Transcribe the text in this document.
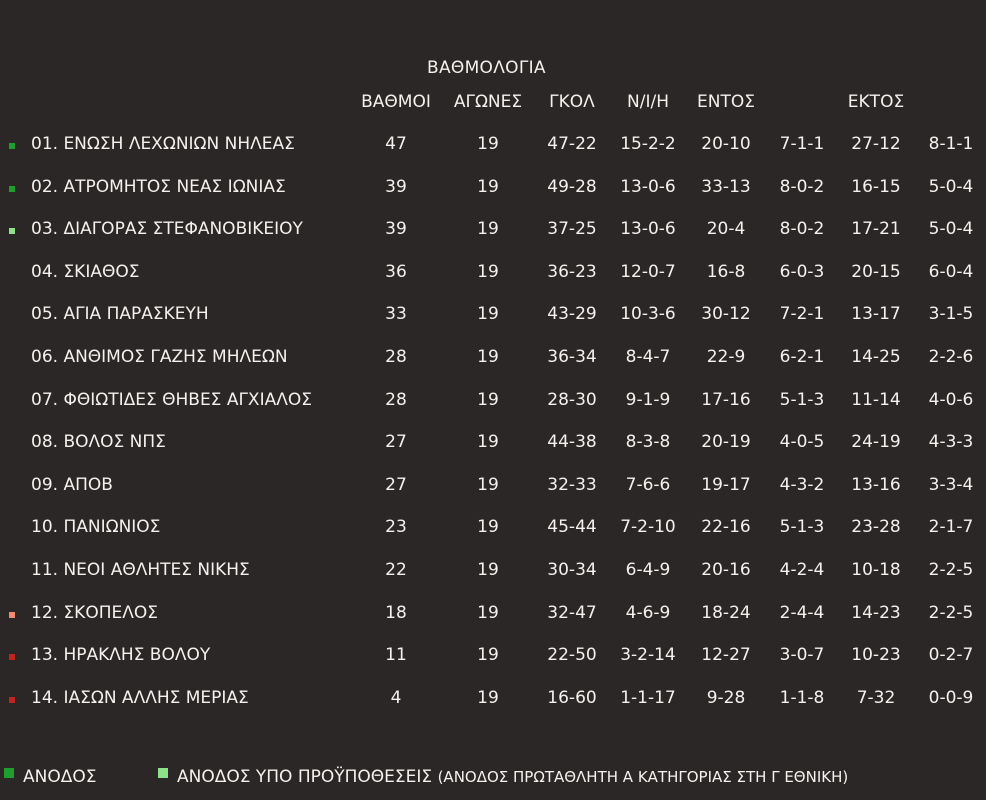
ΒΑΘΜΟΛΟΓΙΑ
ΒΑΘΜΟΙ	ΑΓΩΝΕΣ	ΓΚΟΛ	Ν/Ι/Η	ΕΝΤΟΣ	ΕΚΤΟΣ
01. ΕΝΩΣΗ ΛΕΧΩΝΙΩΝ ΝΗΛΕΑΣ	47	19	47-22	15-2-2	20-10	7-1-1	27-12	8-1-1
02. ΑΤΡΟΜΗΤΟΣ ΝΕΑΣ ΙΩΝΙΑΣ	39	19	49-28	13-0-6	33-13	8-0-2	16-15	5-0-4
03. ΔΙΑΓΟΡΑΣ ΣΤΕΦΑΝΟΒΙΚΕΙΟΥ	39	19	37-25	13-0-6	20-4	8-0-2	17-21	5-0-4
04. ΣΚΙΑΘΟΣ	36	19	36-23	12-0-7	16-8	6-0-3	20-15	6-0-4
05. ΑΓΙΑ ΠΑΡΑΣΚΕΥΗ	33	19	43-29	10-3-6	30-12	7-2-1	13-17	3-1-5
06. ΑΝΘΙΜΟΣ ΓΑΖΗΣ ΜΗΛΕΩΝ	28	19	36-34	8-4-7	22-9	6-2-1	14-25	2-2-6
07. ΦΘΙΩΤΙΔΕΣ ΘΗΒΕΣ ΑΓΧΙΑΛΟΣ	28	19	28-30	9-1-9	17-16	5-1-3	11-14	4-0-6
08. ΒΟΛΟΣ ΝΠΣ	27	19	44-38	8-3-8	20-19	4-0-5	24-19	4-3-3
09. ΑΠΟΒ	27	19	32-33	7-6-6	19-17	4-3-2	13-16	3-3-4
10. ΠΑΝΙΩΝΙΟΣ	23	19	45-44	7-2-10	22-16	5-1-3	23-28	2-1-7
11. ΝΕΟΙ ΑΘΛΗΤΕΣ ΝΙΚΗΣ	22	19	30-34	6-4-9	20-16	4-2-4	10-18	2-2-5
12. ΣΚΟΠΕΛΟΣ	18	19	32-47	4-6-9	18-24	2-4-4	14-23	2-2-5
13. ΗΡΑΚΛΗΣ ΒΟΛΟΥ	11	19	22-50	3-2-14	12-27	3-0-7	10-23	0-2-7
14. ΙΑΣΩΝ ΑΛΛΗΣ ΜΕΡΙΑΣ	4	19	16-60	1-1-17	9-28	1-1-8	7-32	0-0-9
ΑΝΟΔΟΣ	ΑΝΟΔΟΣ ΥΠΟ ΠΡΟΫΠΟΘΕΣΕΙΣ (ΑΝΟΔΟΣ ΠΡΩΤΑΘΛΗΤΗ Α ΚΑΤΗΓΟΡΙΑΣ ΣΤΗ Γ ΕΘΝΙΚΗ)
